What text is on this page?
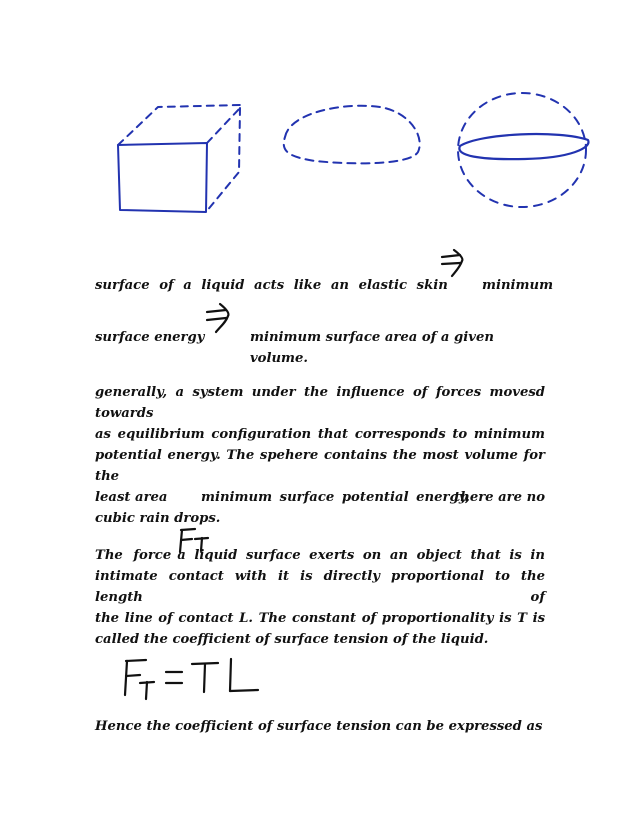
surface of a liquid acts like an elastic skin	minimum
surface energy	minimum surface area of a given volume.
generally, a system under the influence of forces movesd towards
as equilibrium configuration that corresponds to minimum
potential energy. The spehere contains the most volume for the
least area	minimum surface potential energy,
there are no
cubic rain drops.
The force a liquid surface exerts on an object that is in
intimate contact with it is directly proportional to the length of
the line of contact L. The constant of proportionality is T is
called the coefficient of surface tension of the liquid.
Hence the coefficient of surface tension can be expressed as
